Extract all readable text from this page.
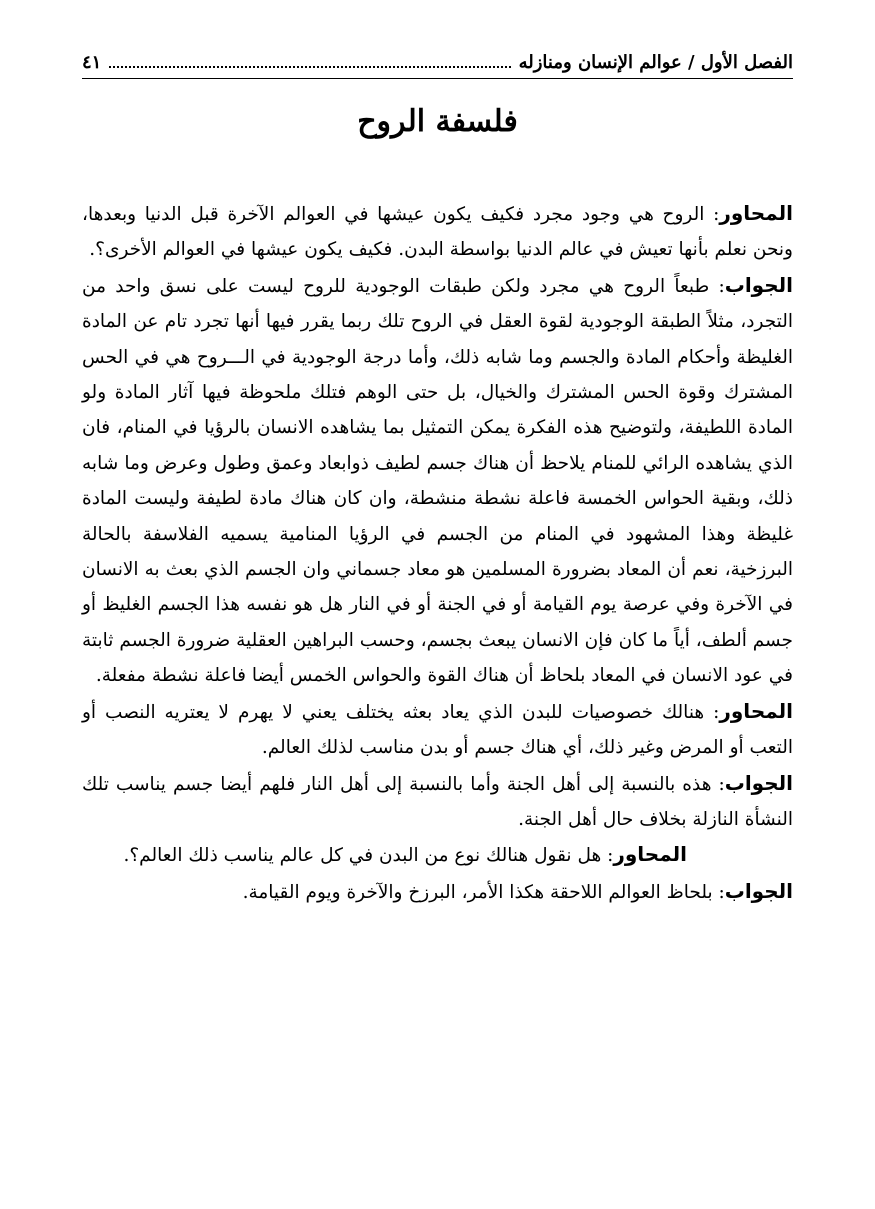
٤١	الفصل الأول / عوالم الإنسان ومنازله
فلسفة الروح

المحاور: الروح هي وجود مجرد فكيف يكون عيشها في العوالم الآخرة قبل الدنيا وبعدها، ونحن نعلم بأنها تعيش في عالم الدنيا بواسطة البدن. فكيف يكون عيشها في العوالم الأخرى؟.

الجواب: طبعاً الروح هي مجرد ولكن طبقات الوجودية للروح ليست على نسق واحد من التجرد، مثلاً الطبقة الوجودية لقوة العقل في الروح تلك ربما يقرر فيها أنها تجرد تام عن المادة الغليظة وأحكام المادة والجسم وما شابه ذلك، وأما درجة الوجودية في الـــروح هي في الحس المشترك وقوة الحس المشترك والخيال، بل حتى الوهم فتلك ملحوظة فيها آثار المادة ولو المادة اللطيفة، ولتوضيح هذه الفكرة يمكن التمثيل بما يشاهده الانسان بالرؤيا في المنام، فان الذي يشاهده الرائي للمنام يلاحظ أن هناك جسم لطيف ذوابعاد وعمق وطول وعرض وما شابه ذلك، وبقية الحواس الخمسة فاعلة نشطة منشطة، وان كان هناك مادة لطيفة وليست المادة غليظة وهذا المشهود في المنام من الجسم في الرؤيا المنامية يسميه الفلاسفة بالحالة البرزخية، نعم أن المعاد بضرورة المسلمين هو معاد جسماني وان الجسم الذي بعث به الانسان في الآخرة وفي عرصة يوم القيامة أو في الجنة أو في النار هل هو نفسه هذا الجسم الغليظ أو جسم ألطف، أياً ما كان فإن الانسان يبعث بجسم، وحسب البراهين العقلية ضرورة الجسم ثابتة في عود الانسان في المعاد بلحاظ أن هناك القوة والحواس الخمس أيضا فاعلة نشطة مفعلة.

المحاور: هنالك خصوصيات للبدن الذي يعاد بعثه يختلف يعني لا يهرم لا يعتريه النصب أو التعب أو المرض وغير ذلك، أي هناك جسم أو بدن مناسب لذلك العالم.

الجواب: هذه بالنسبة إلى أهل الجنة وأما بالنسبة إلى أهل النار فلهم أيضا جسم يناسب تلك النشأة النازلة بخلاف حال أهل الجنة.

المحاور: هل نقول هنالك نوع من البدن في كل عالم يناسب ذلك العالم؟.

الجواب: بلحاظ العوالم اللاحقة هكذا الأمر، البرزخ والآخرة ويوم القيامة.
